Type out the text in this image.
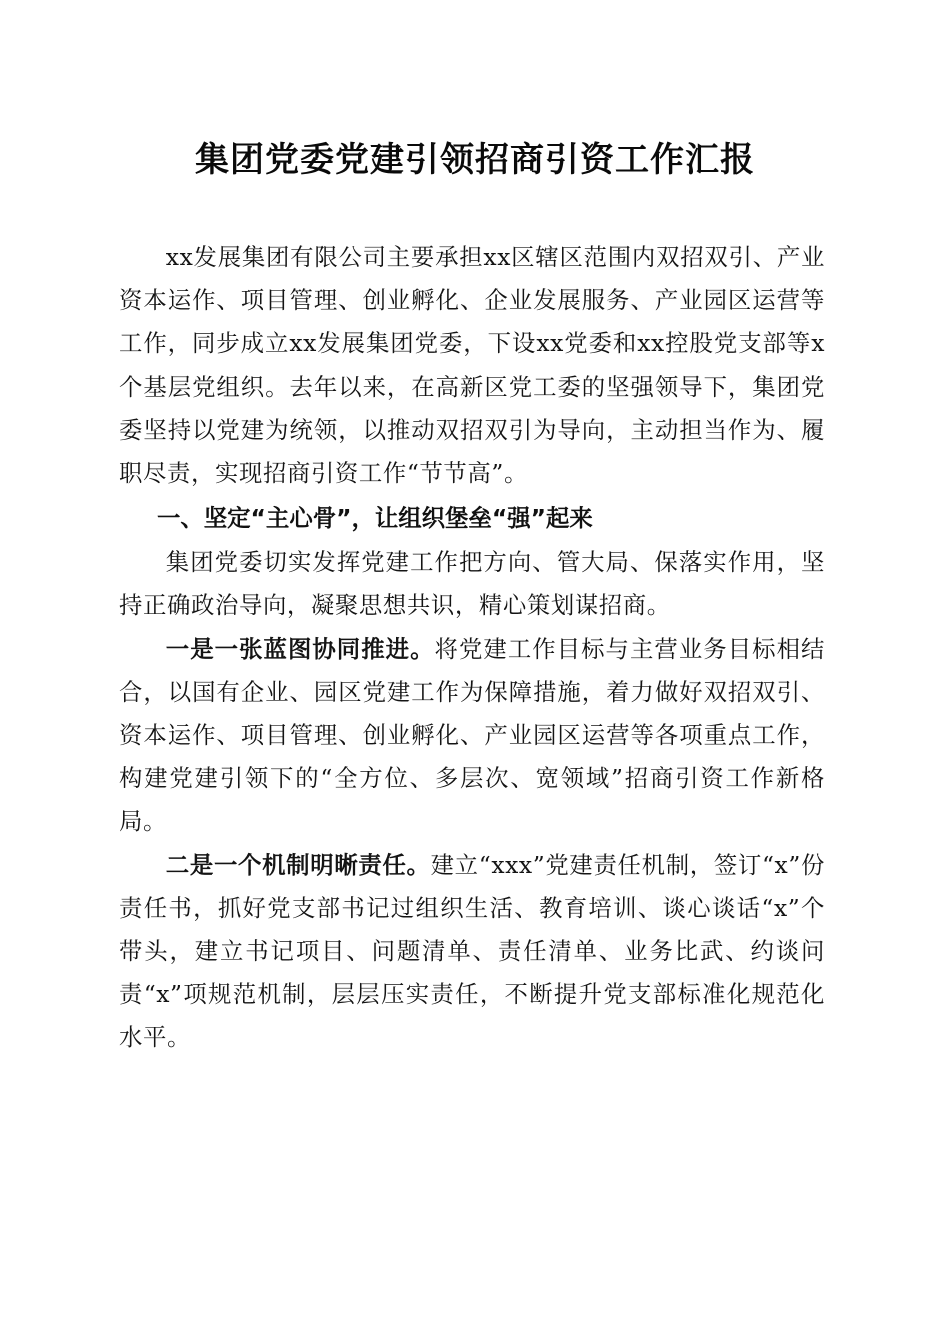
集团党委党建引领招商引资工作汇报

xx发展集团有限公司主要承担xx区辖区范围内双招双引、产业资本运作、项目管理、创业孵化、企业发展服务、产业园区运营等工作，同步成立xx发展集团党委，下设xx党委和xx控股党支部等x个基层党组织。去年以来，在高新区党工委的坚强领导下，集团党委坚持以党建为统领，以推动双招双引为导向，主动担当作为、履职尽责，实现招商引资工作“节节高”。

一、坚定“主心骨”，让组织堡垒“强”起来

集团党委切实发挥党建工作把方向、管大局、保落实作用，坚持正确政治导向，凝聚思想共识，精心策划谋招商。

一是一张蓝图协同推进。将党建工作目标与主营业务目标相结合，以国有企业、园区党建工作为保障措施，着力做好双招双引、资本运作、项目管理、创业孵化、产业园区运营等各项重点工作，构建党建引领下的“全方位、多层次、宽领域”招商引资工作新格局。

二是一个机制明晰责任。建立“xxx”党建责任机制，签订“x”份责任书，抓好党支部书记过组织生活、教育培训、谈心谈话“x”个带头，建立书记项目、问题清单、责任清单、业务比武、约谈问责“x”项规范机制，层层压实责任，不断提升党支部标准化规范化水平。
